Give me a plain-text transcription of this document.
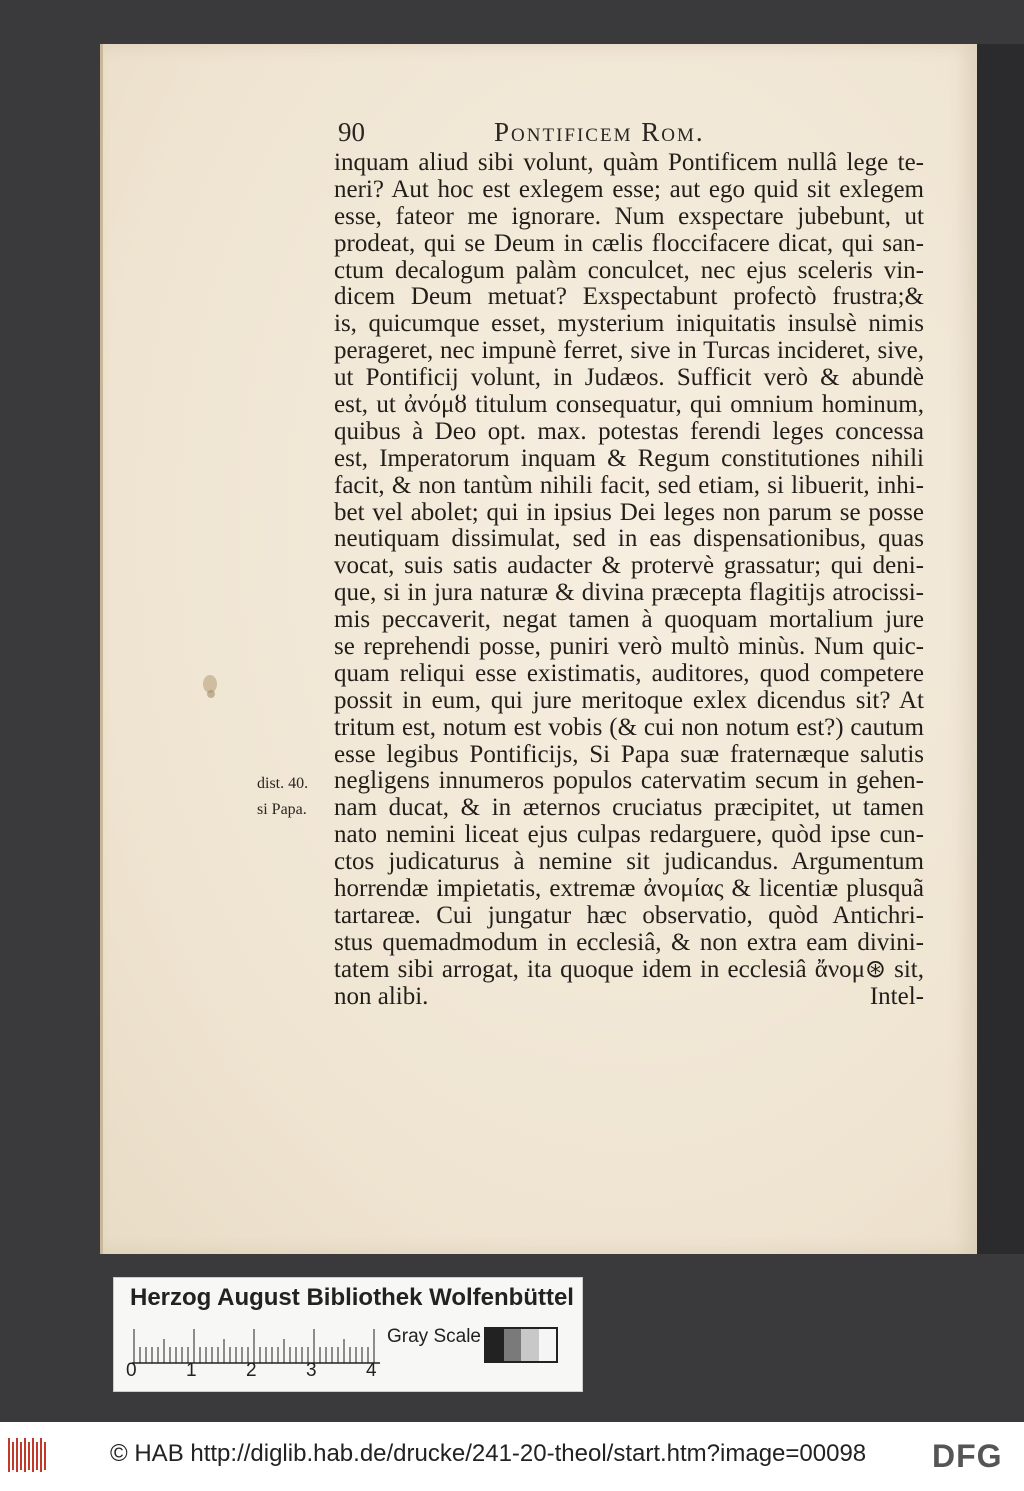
90	Pontificem Rom.
inquam aliud sibi volunt, quàm Pontificem nullâ lege te-
neri? Aut hoc est exlegem esse; aut ego quid sit exlegem
esse, fateor me ignorare. Num exspectare jubebunt, ut
prodeat, qui se Deum in cælis floccifacere dicat, qui san-
ctum decalogum palàm conculcet, nec ejus sceleris vin-
dicem Deum metuat? Exspectabunt profectò frustra;&
is, quicumque esset, mysterium iniquitatis insulsè nimis
perageret, nec impunè ferret, sive in Turcas incideret, sive,
ut Pontificij volunt, in Judæos. Sufficit verò & abundè
est, ut ἀνόμȣ titulum consequatur, qui omnium hominum,
quibus à Deo opt. max. potestas ferendi leges concessa
est, Imperatorum inquam & Regum constitutiones nihili
facit, & non tantùm nihili facit, sed etiam, si libuerit, inhi-
bet vel abolet; qui in ipsius Dei leges non parum se posse
neutiquam dissimulat, sed in eas dispensationibus, quas
vocat, suis satis audacter & protervè grassatur; qui deni-
que, si in jura naturæ & divina præcepta flagitijs atrocissi-
mis peccaverit, negat tamen à quoquam mortalium jure
se reprehendi posse, puniri verò multò minùs. Num quic-
quam reliqui esse existimatis, auditores, quod competere
possit in eum, qui jure meritoque exlex dicendus sit? At
tritum est, notum est vobis (& cui non notum est?) cautum
esse legibus Pontificijs, Si Papa suæ fraternæque salutis
negligens innumeros populos catervatim secum in gehen-
nam ducat, & in æternos cruciatus præcipitet, ut tamen
nato nemini liceat ejus culpas redarguere, quòd ipse cun-
ctos judicaturus à nemine sit judicandus. Argumentum
horrendæ impietatis, extremæ ἀνομίας & licentiæ plusquã
tartareæ. Cui jungatur hæc observatio, quòd Antichri-
stus quemadmodum in ecclesiâ, & non extra eam divini-
tatem sibi arrogat, ita quoque idem in ecclesiâ ἄνομ⊛ sit,
non alibi.	Intel-
dist. 40.
si Papa.
Herzog August Bibliothek Wolfenbüttel
0	1	2	3	4
Gray Scale
© HAB http://diglib.hab.de/drucke/241-20-theol/start.htm?image=00098 DFG
